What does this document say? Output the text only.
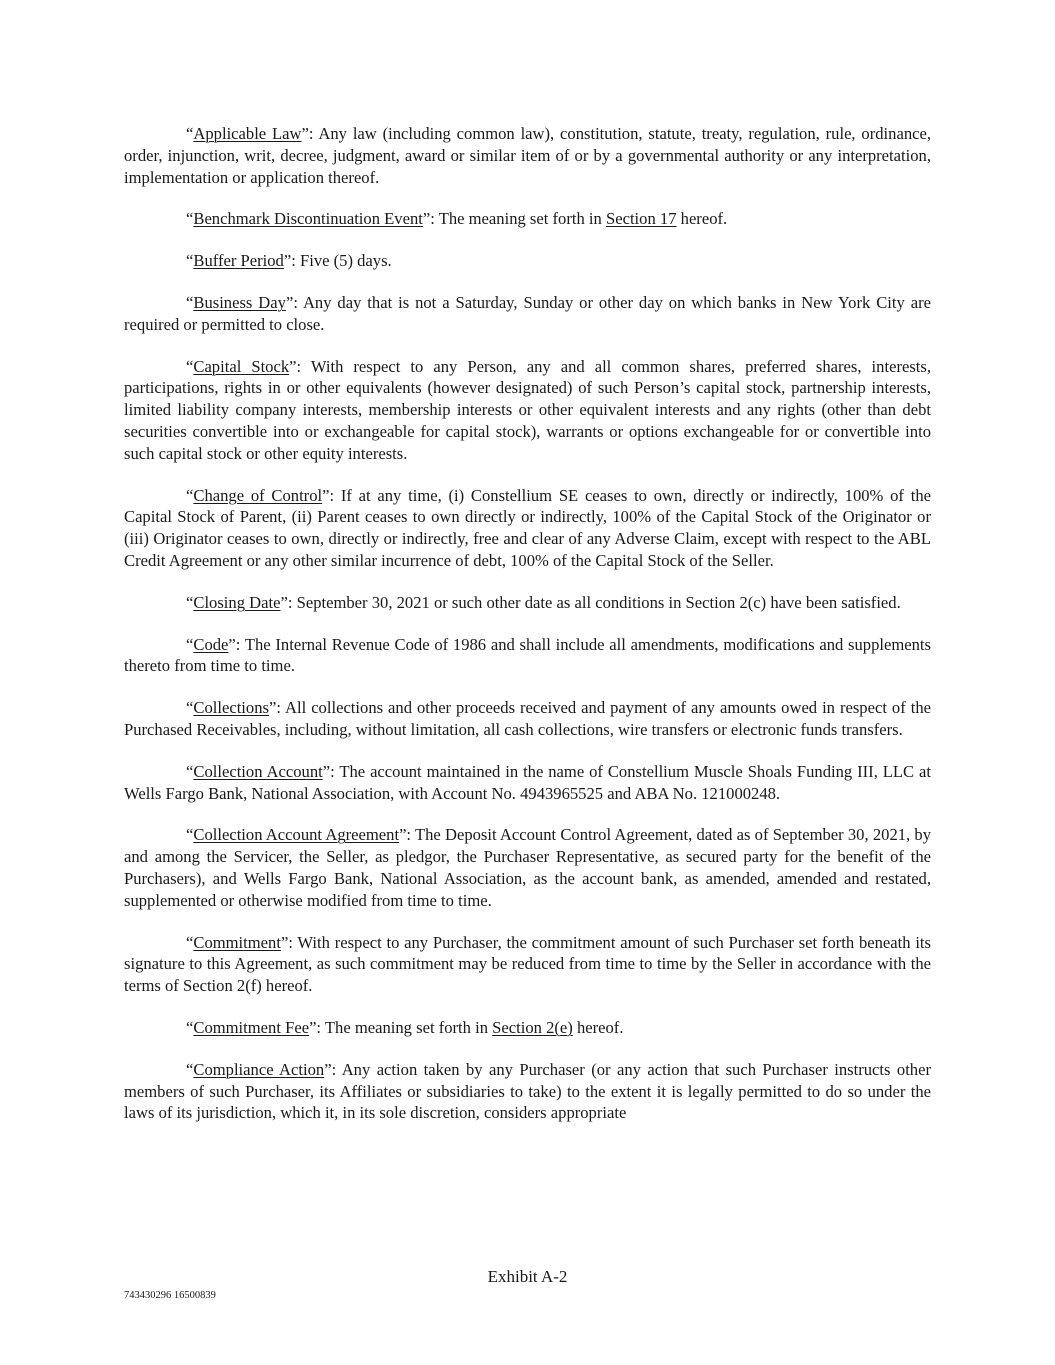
“Applicable Law”: Any law (including common law), constitution, statute, treaty, regulation, rule, ordinance, order, injunction, writ, decree, judgment, award or similar item of or by a governmental authority or any interpretation, implementation or application thereof.

“Benchmark Discontinuation Event”: The meaning set forth in Section 17 hereof.

“Buffer Period”: Five (5) days.

“Business Day”: Any day that is not a Saturday, Sunday or other day on which banks in New York City are required or permitted to close.

“Capital Stock”: With respect to any Person, any and all common shares, preferred shares, interests, participations, rights in or other equivalents (however designated) of such Person’s capital stock, partnership interests, limited liability company interests, membership interests or other equivalent interests and any rights (other than debt securities convertible into or exchangeable for capital stock), warrants or options exchangeable for or convertible into such capital stock or other equity interests.

“Change of Control”: If at any time, (i) Constellium SE ceases to own, directly or indirectly, 100% of the Capital Stock of Parent, (ii) Parent ceases to own directly or indirectly, 100% of the Capital Stock of the Originator or (iii) Originator ceases to own, directly or indirectly, free and clear of any Adverse Claim, except with respect to the ABL Credit Agreement or any other similar incurrence of debt, 100% of the Capital Stock of the Seller.

“Closing Date”: September 30, 2021 or such other date as all conditions in Section 2(c) have been satisfied.

“Code”: The Internal Revenue Code of 1986 and shall include all amendments, modifications and supplements thereto from time to time.

“Collections”: All collections and other proceeds received and payment of any amounts owed in respect of the Purchased Receivables, including, without limitation, all cash collections, wire transfers or electronic funds transfers.

“Collection Account”: The account maintained in the name of Constellium Muscle Shoals Funding III, LLC at Wells Fargo Bank, National Association, with Account No. 4943965525 and ABA No. 121000248.

“Collection Account Agreement”: The Deposit Account Control Agreement, dated as of September 30, 2021, by and among the Servicer, the Seller, as pledgor, the Purchaser Representative, as secured party for the benefit of the Purchasers), and Wells Fargo Bank, National Association, as the account bank, as amended, amended and restated, supplemented or otherwise modified from time to time.

“Commitment”: With respect to any Purchaser, the commitment amount of such Purchaser set forth beneath its signature to this Agreement, as such commitment may be reduced from time to time by the Seller in accordance with the terms of Section 2(f) hereof.

“Commitment Fee”: The meaning set forth in Section 2(e) hereof.

“Compliance Action”: Any action taken by any Purchaser (or any action that such Purchaser instructs other members of such Purchaser, its Affiliates or subsidiaries to take) to the extent it is legally permitted to do so under the laws of its jurisdiction, which it, in its sole discretion, considers appropriate

Exhibit A-2
743430296 16500839
